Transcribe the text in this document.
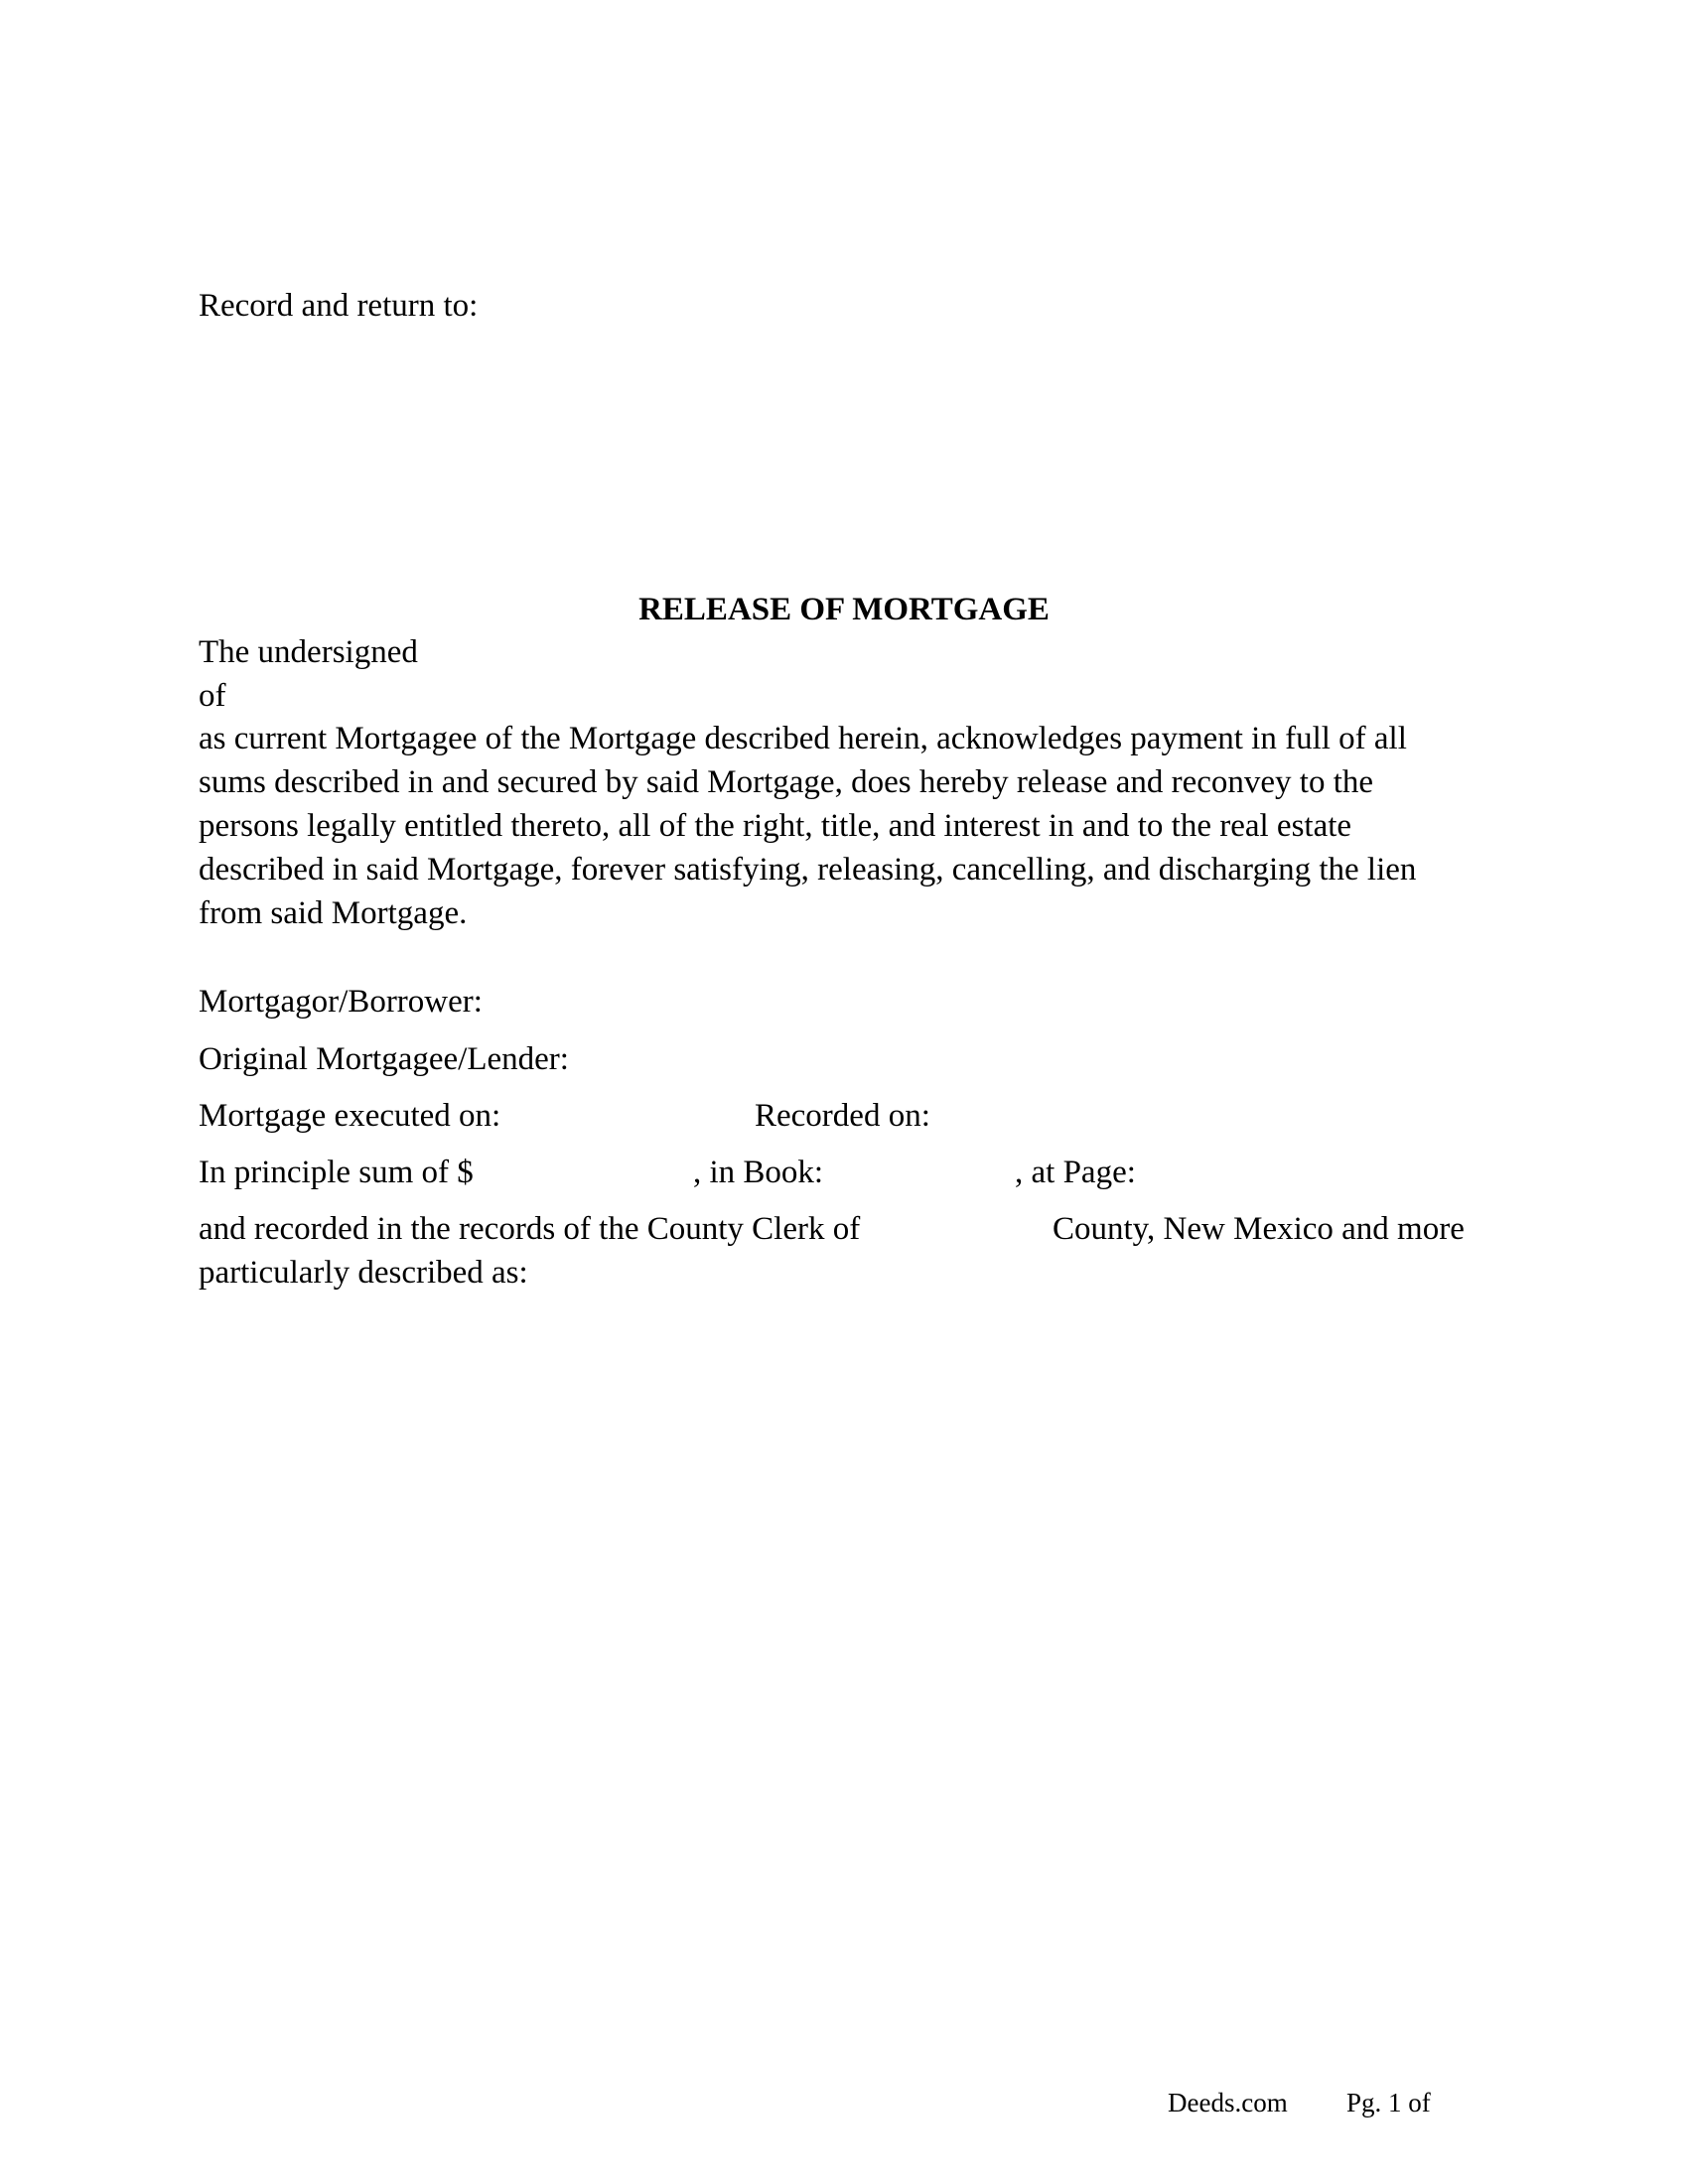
Record and return to:
RELEASE OF MORTGAGE
The undersigned
of
as current Mortgagee of the Mortgage described herein, acknowledges payment in full of all
sums described in and secured by said Mortgage, does hereby release and reconvey to the
persons legally entitled thereto, all of the right, title, and interest in and to the real estate
described in said Mortgage, forever satisfying, releasing, cancelling, and discharging the lien
from said Mortgage.
Mortgagor/Borrower:
Original Mortgagee/Lender:
Mortgage executed on:	Recorded on:
In principle sum of $	, in Book:	, at Page:
and recorded in the records of the County Clerk of	County, New Mexico and more
particularly described as:
Deeds.com Pg. 1 of
